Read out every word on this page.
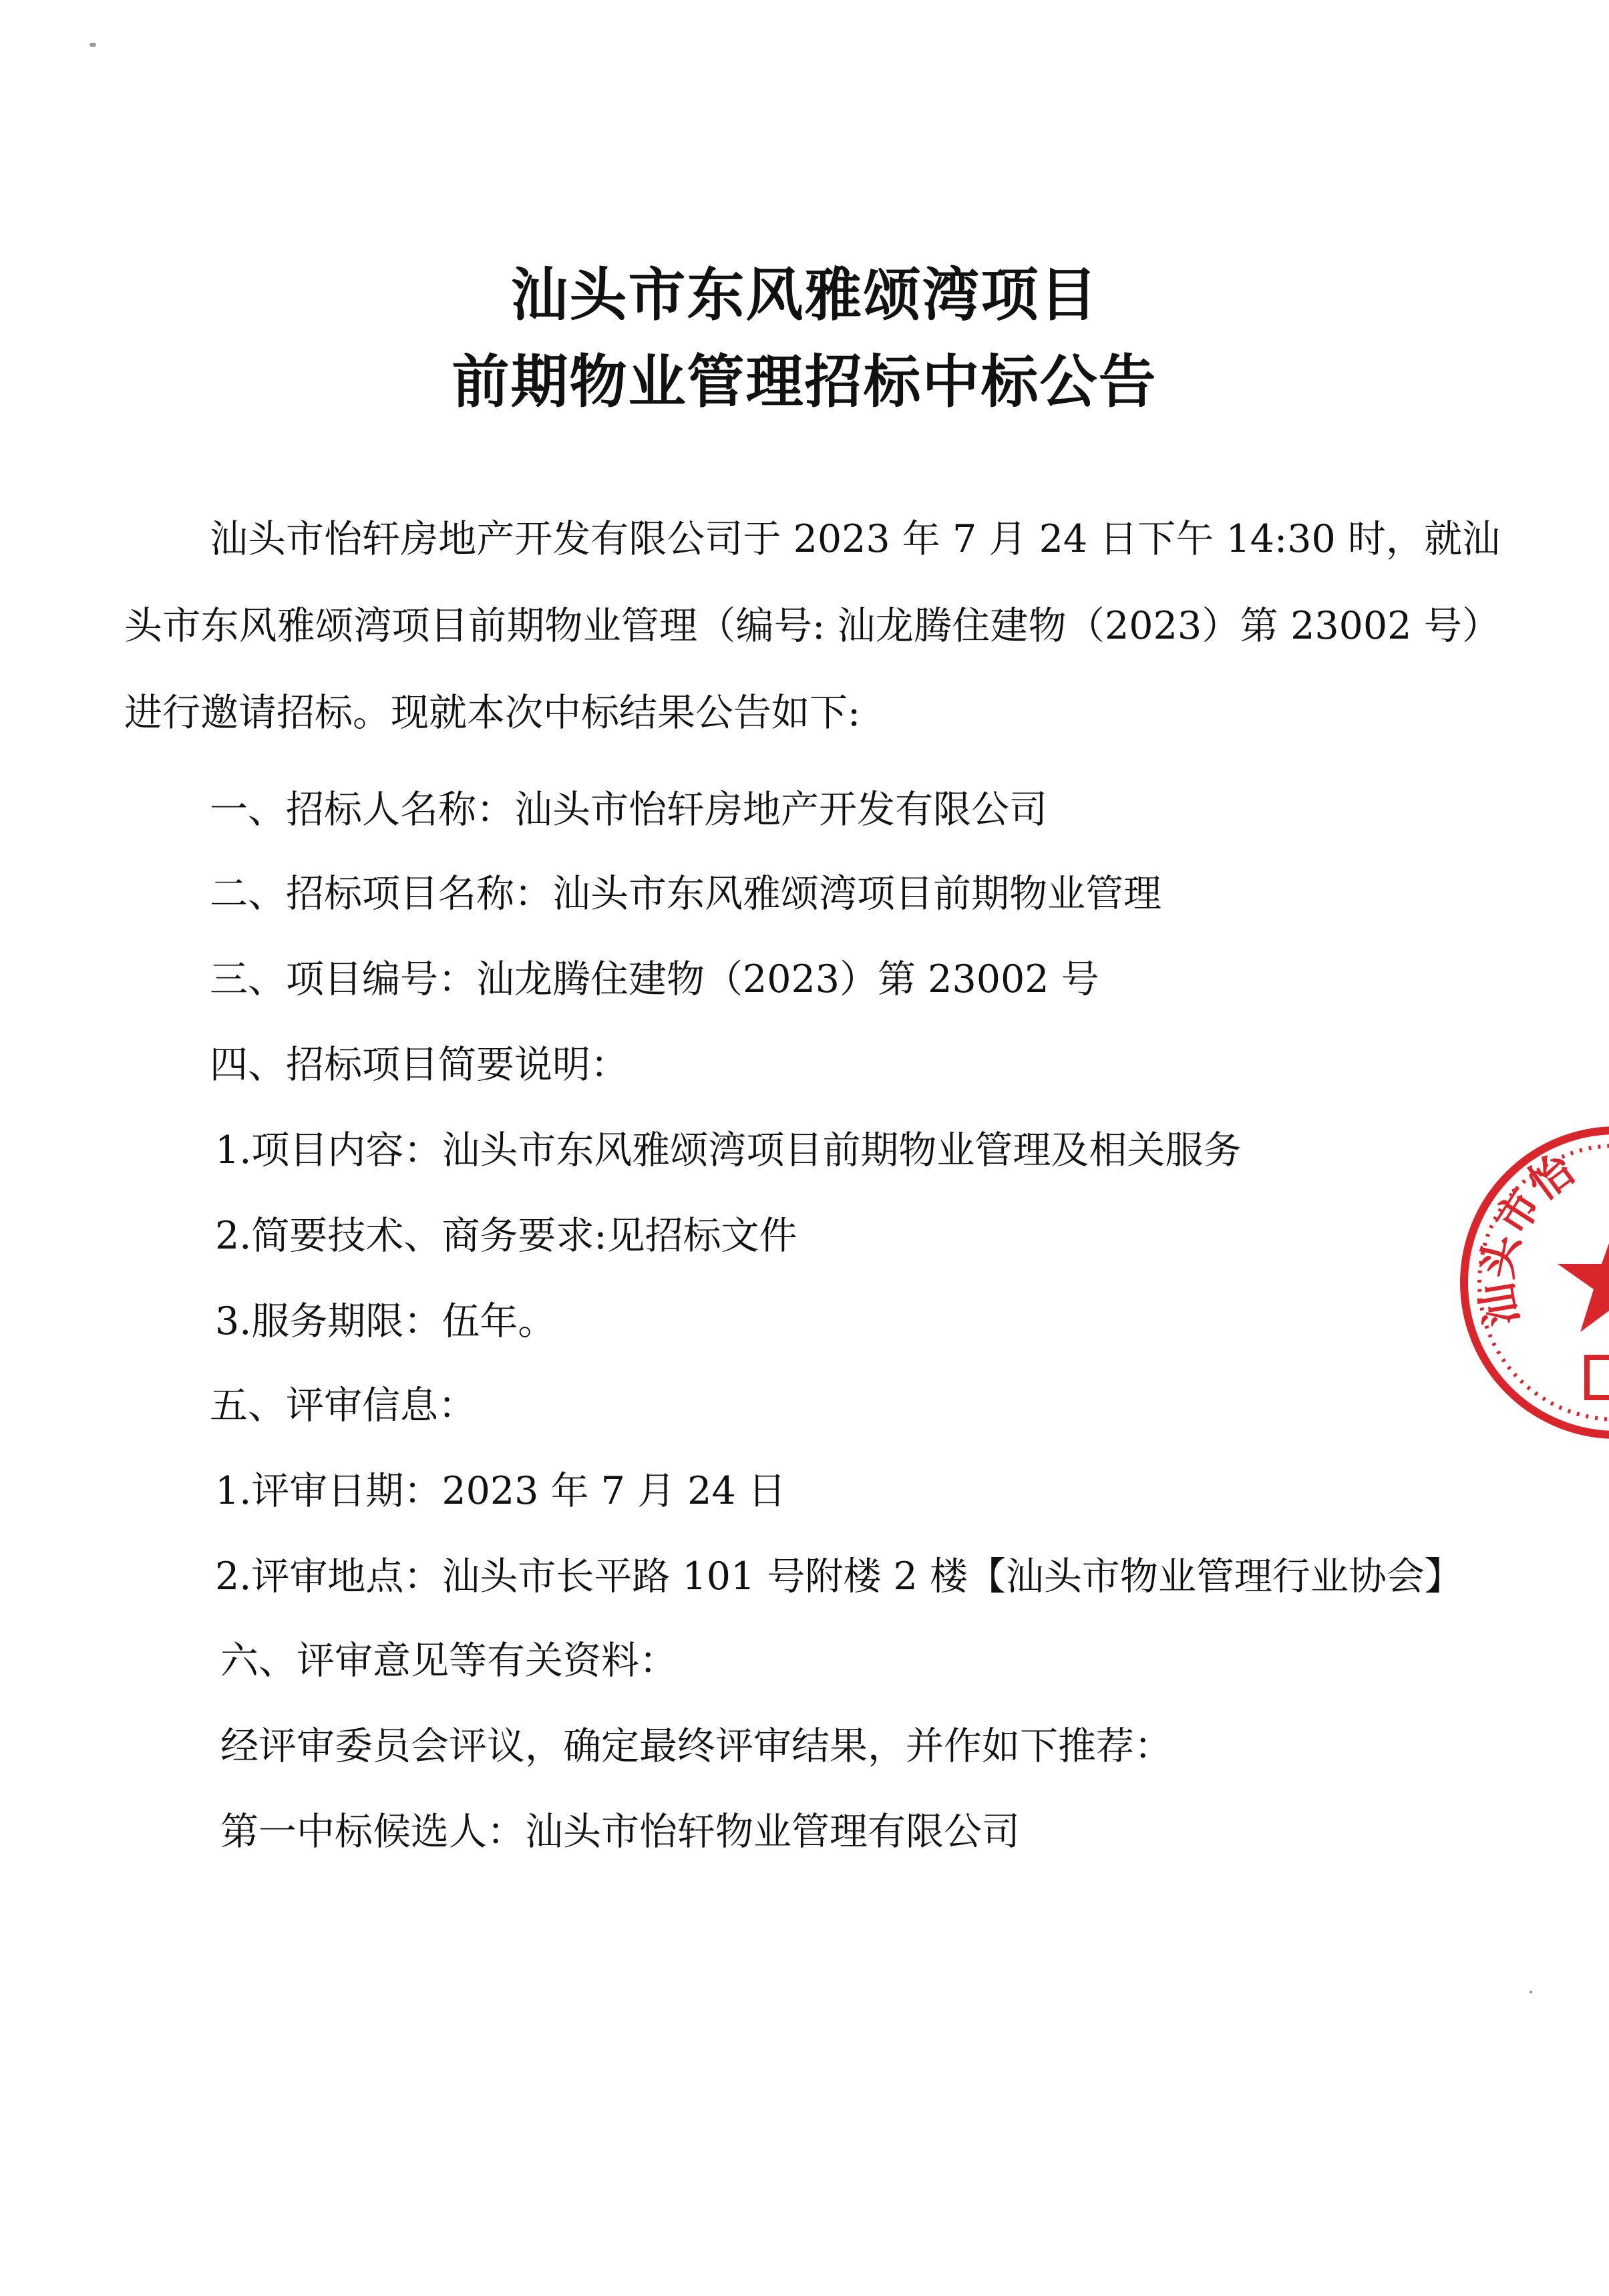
汕头市东风雅颂湾项目
前期物业管理招标中标公告
汕头市怡轩房地产开发有限公司于 2023 年 7 月 24 日下午 14:30 时，就汕头市东风雅颂湾项目前期物业管理（编号: 汕龙腾住建物（2023）第 23002 号）进行邀请招标。现就本次中标结果公告如下:
一、招标人名称：汕头市怡轩房地产开发有限公司
二、招标项目名称：汕头市东风雅颂湾项目前期物业管理
三、项目编号：汕龙腾住建物（2023）第 23002 号
四、招标项目简要说明：
1.项目内容：汕头市东风雅颂湾项目前期物业管理及相关服务
2.简要技术、商务要求:见招标文件
3.服务期限：伍年。
五、评审信息：
1.评审日期：2023 年 7 月 24 日
2.评审地点：汕头市长平路 101 号附楼 2 楼【汕头市物业管理行业协会】
六、评审意见等有关资料：
经评审委员会评议，确定最终评审结果，并作如下推荐：
第一中标候选人：汕头市怡轩物业管理有限公司
汕头市怡
